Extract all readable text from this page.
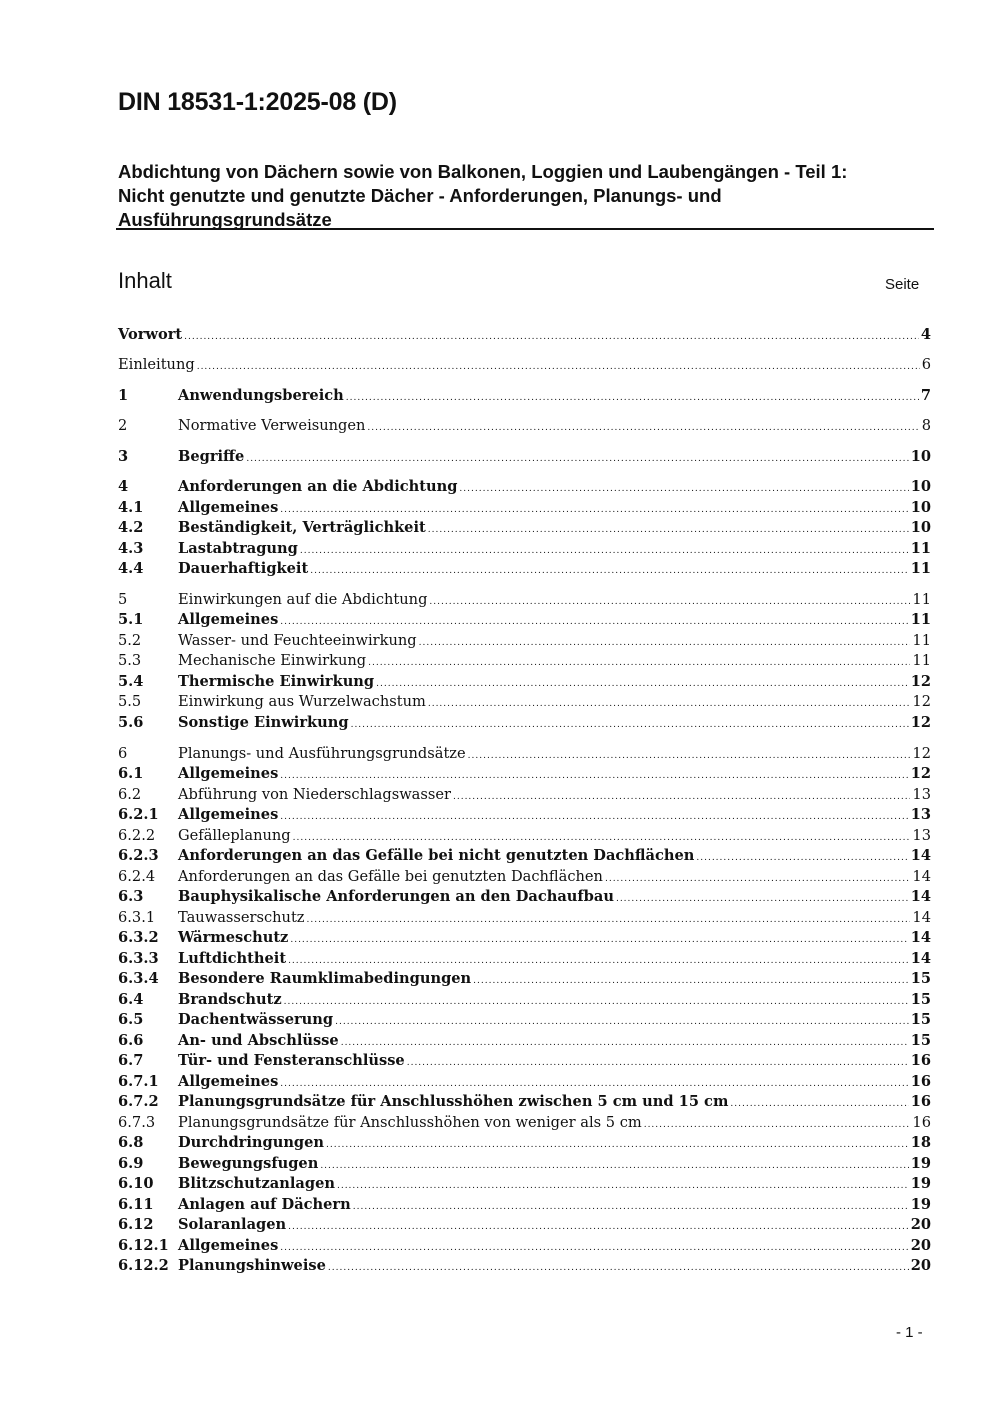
DIN 18531-1:2025-08 (D)
Abdichtung von Dächern sowie von Balkonen, Loggien und Laubengängen - Teil 1:
Nicht genutzte und genutzte Dächer - Anforderungen, Planungs- und
Ausführungsgrundsätze
Inhalt	Seite
Vorwort .....	4
Einleitung .....	6
1	Anwendungsbereich .....	7
2	Normative Verweisungen .....	8
3	Begriffe .....	10
4	Anforderungen an die Abdichtung .....	10
4.1	Allgemeines .....	10
4.2	Beständigkeit, Verträglichkeit .....	10
4.3	Lastabtragung .....	11
4.4	Dauerhaftigkeit .....	11
5	Einwirkungen auf die Abdichtung .....	11
5.1	Allgemeines .....	11
5.2	Wasser- und Feuchteeinwirkung .....	11
5.3	Mechanische Einwirkung .....	11
5.4	Thermische Einwirkung .....	12
5.5	Einwirkung aus Wurzelwachstum .....	12
5.6	Sonstige Einwirkung .....	12
6	Planungs- und Ausführungsgrundsätze .....	12
6.1	Allgemeines .....	12
6.2	Abführung von Niederschlagswasser .....	13
6.2.1	Allgemeines .....	13
6.2.2	Gefälleplanung .....	13
6.2.3	Anforderungen an das Gefälle bei nicht genutzten Dachflächen .....	14
6.2.4	Anforderungen an das Gefälle bei genutzten Dachflächen .....	14
6.3	Bauphysikalische Anforderungen an den Dachaufbau .....	14
6.3.1	Tauwasserschutz .....	14
6.3.2	Wärmeschutz .....	14
6.3.3	Luftdichtheit .....	14
6.3.4	Besondere Raumklimabedingungen .....	15
6.4	Brandschutz .....	15
6.5	Dachentwässerung .....	15
6.6	An- und Abschlüsse .....	15
6.7	Tür- und Fensteranschlüsse .....	16
6.7.1	Allgemeines .....	16
6.7.2	Planungsgrundsätze für Anschlusshöhen zwischen 5 cm und 15 cm .....	16
6.7.3	Planungsgrundsätze für Anschlusshöhen von weniger als 5 cm .....	16
6.8	Durchdringungen .....	18
6.9	Bewegungsfugen .....	19
6.10	Blitzschutzanlagen .....	19
6.11	Anlagen auf Dächern .....	19
6.12	Solaranlagen .....	20
6.12.1 Allgemeines .....	20
6.12.2 Planungshinweise .....	20
- 1 -
